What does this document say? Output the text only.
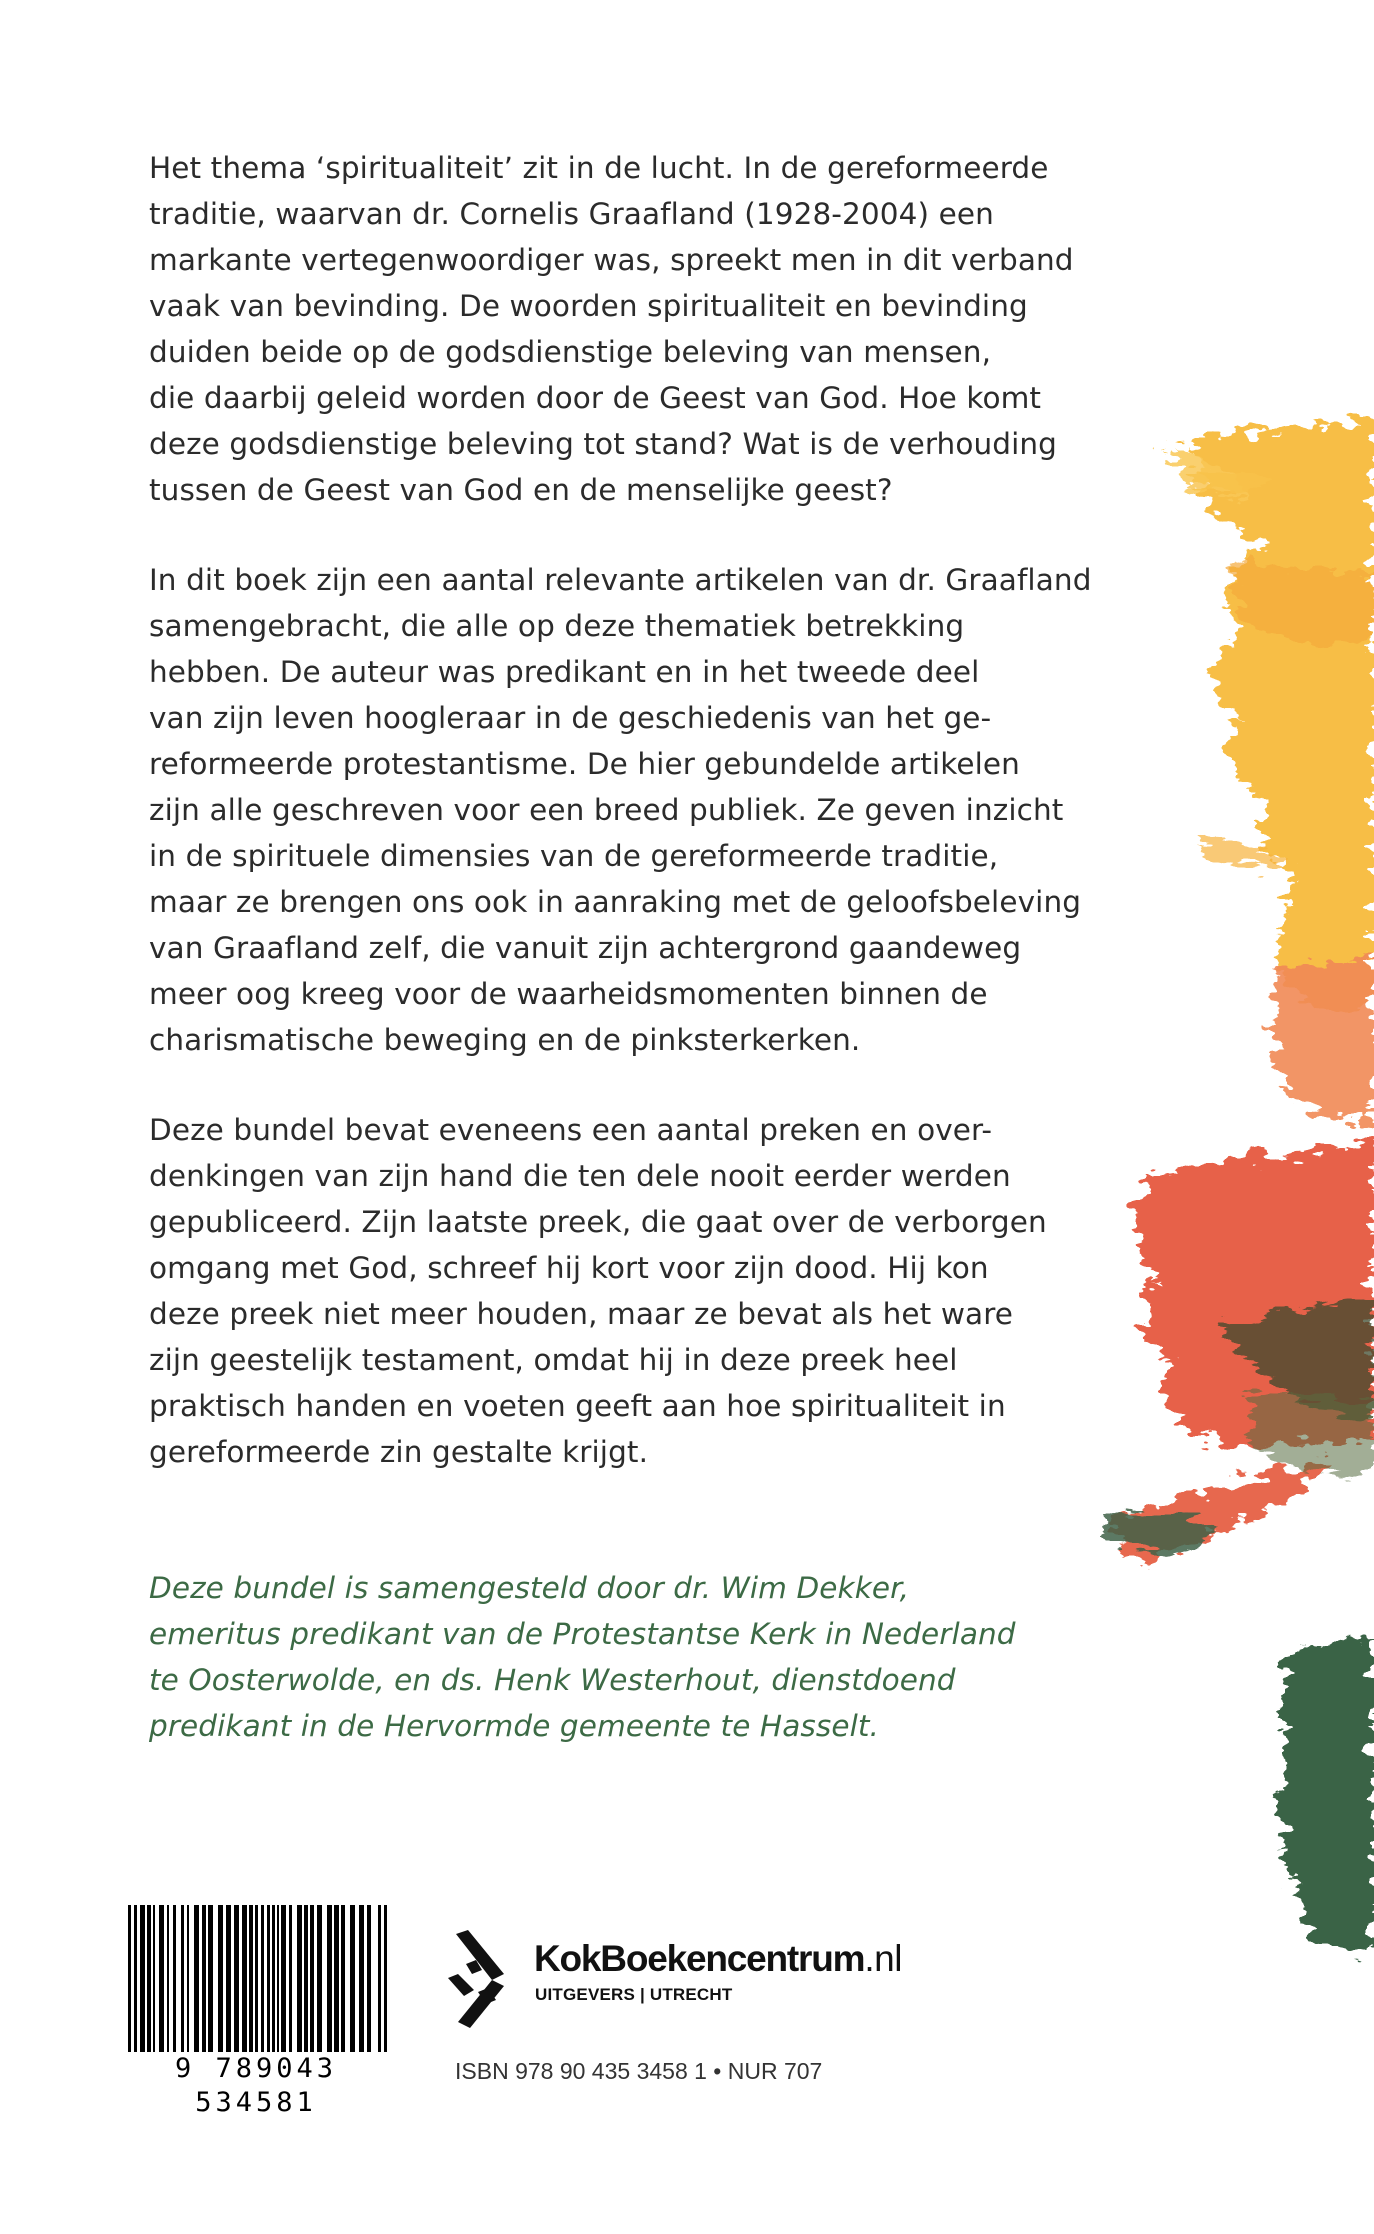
Het thema ‘spiritualiteit’ zit in de lucht. In de gereformeerde
traditie, waarvan dr. Cornelis Graafland (1928-2004) een
markante vertegenwoordiger was, spreekt men in dit verband
vaak van bevinding. De woorden spiritualiteit en bevinding
duiden beide op de godsdienstige beleving van mensen,
die daarbij geleid worden door de Geest van God. Hoe komt
deze godsdienstige beleving tot stand? Wat is de verhouding
tussen de Geest van God en de menselijke geest?
In dit boek zijn een aantal relevante artikelen van dr. Graafland
samengebracht, die alle op deze thematiek betrekking
hebben. De auteur was predikant en in het tweede deel
van zijn leven hoogleraar in de geschiedenis van het ge-
reformeerde protestantisme. De hier gebundelde artikelen
zijn alle geschreven voor een breed publiek. Ze geven inzicht
in de spirituele dimensies van de gereformeerde traditie,
maar ze brengen ons ook in aanraking met de geloofsbeleving
van Graafland zelf, die vanuit zijn achtergrond gaandeweg
meer oog kreeg voor de waarheidsmomenten binnen de
charismatische beweging en de pinksterkerken.
Deze bundel bevat eveneens een aantal preken en over-
denkingen van zijn hand die ten dele nooit eerder werden
gepubliceerd. Zijn laatste preek, die gaat over de verborgen
omgang met God, schreef hij kort voor zijn dood. Hij kon
deze preek niet meer houden, maar ze bevat als het ware
zijn geestelijk testament, omdat hij in deze preek heel
praktisch handen en voeten geeft aan hoe spiritualiteit in
gereformeerde zin gestalte krijgt.
Deze bundel is samengesteld door dr. Wim Dekker,
emeritus predikant van de Protestantse Kerk in Nederland
te Oosterwolde, en ds. Henk Westerhout, dienstdoend
predikant in de Hervormde gemeente te Hasselt.
9 789043 534581
KokBoekencentrum.nl
UITGEVERS | UTRECHT
ISBN 978 90 435 3458 1 • NUR 707
